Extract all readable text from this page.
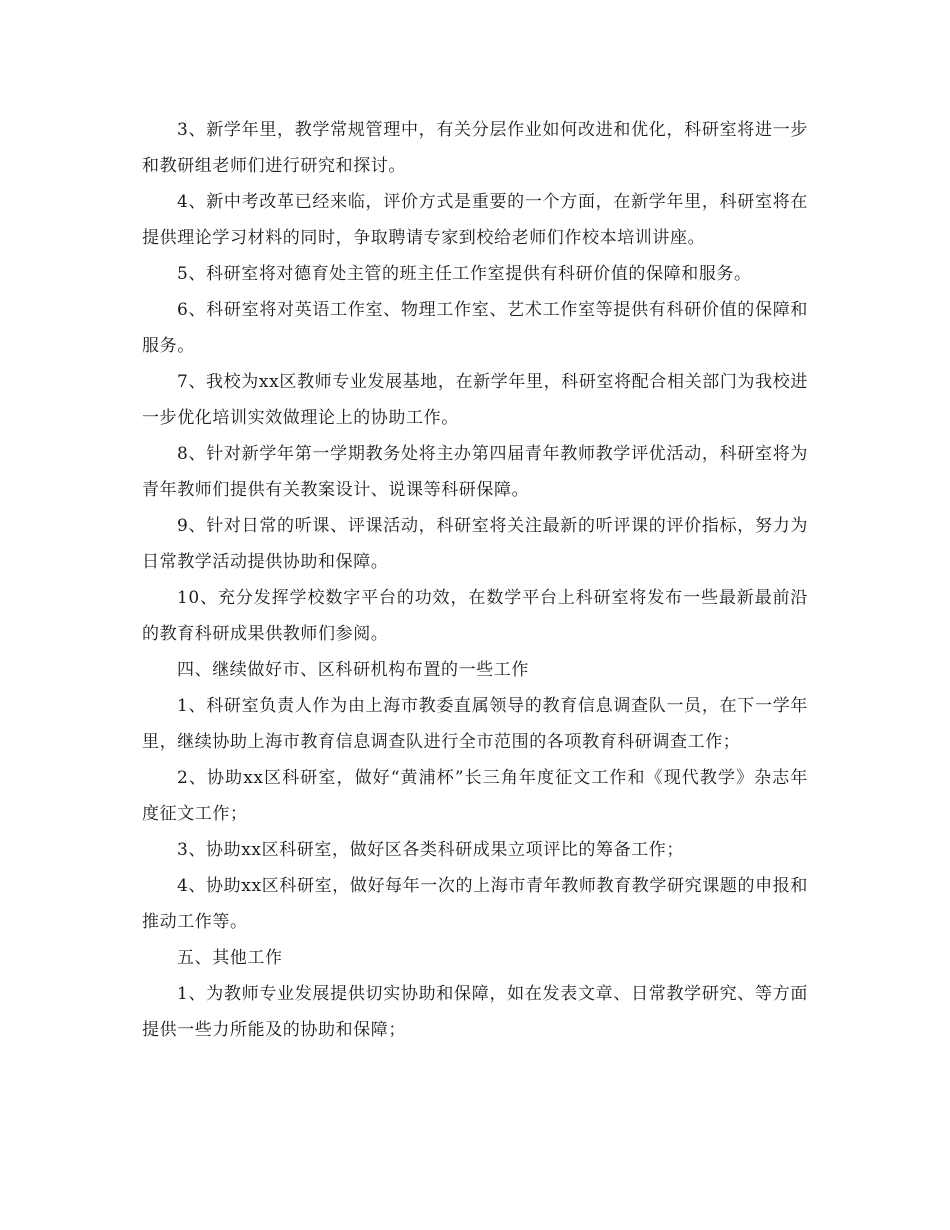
3、新学年里，教学常规管理中，有关分层作业如何改进和优化，科研室将进一步和教研组老师们进行研究和探讨。

4、新中考改革已经来临，评价方式是重要的一个方面，在新学年里，科研室将在提供理论学习材料的同时，争取聘请专家到校给老师们作校本培训讲座。

5、科研室将对德育处主管的班主任工作室提供有科研价值的保障和服务。

6、科研室将对英语工作室、物理工作室、艺术工作室等提供有科研价值的保障和服务。

7、我校为xx区教师专业发展基地，在新学年里，科研室将配合相关部门为我校进一步优化培训实效做理论上的协助工作。

8、针对新学年第一学期教务处将主办第四届青年教师教学评优活动，科研室将为青年教师们提供有关教案设计、说课等科研保障。

9、针对日常的听课、评课活动，科研室将关注最新的听评课的评价指标，努力为日常教学活动提供协助和保障。

10、充分发挥学校数字平台的功效，在数学平台上科研室将发布一些最新最前沿的教育科研成果供教师们参阅。

四、继续做好市、区科研机构布置的一些工作

1、科研室负责人作为由上海市教委直属领导的教育信息调查队一员，在下一学年里，继续协助上海市教育信息调查队进行全市范围的各项教育科研调查工作；

2、协助xx区科研室，做好“黄浦杯”长三角年度征文工作和《现代教学》杂志年度征文工作；

3、协助xx区科研室，做好区各类科研成果立项评比的筹备工作；

4、协助xx区科研室，做好每年一次的上海市青年教师教育教学研究课题的申报和推动工作等。

五、其他工作

1、为教师专业发展提供切实协助和保障，如在发表文章、日常教学研究、等方面提供一些力所能及的协助和保障；
